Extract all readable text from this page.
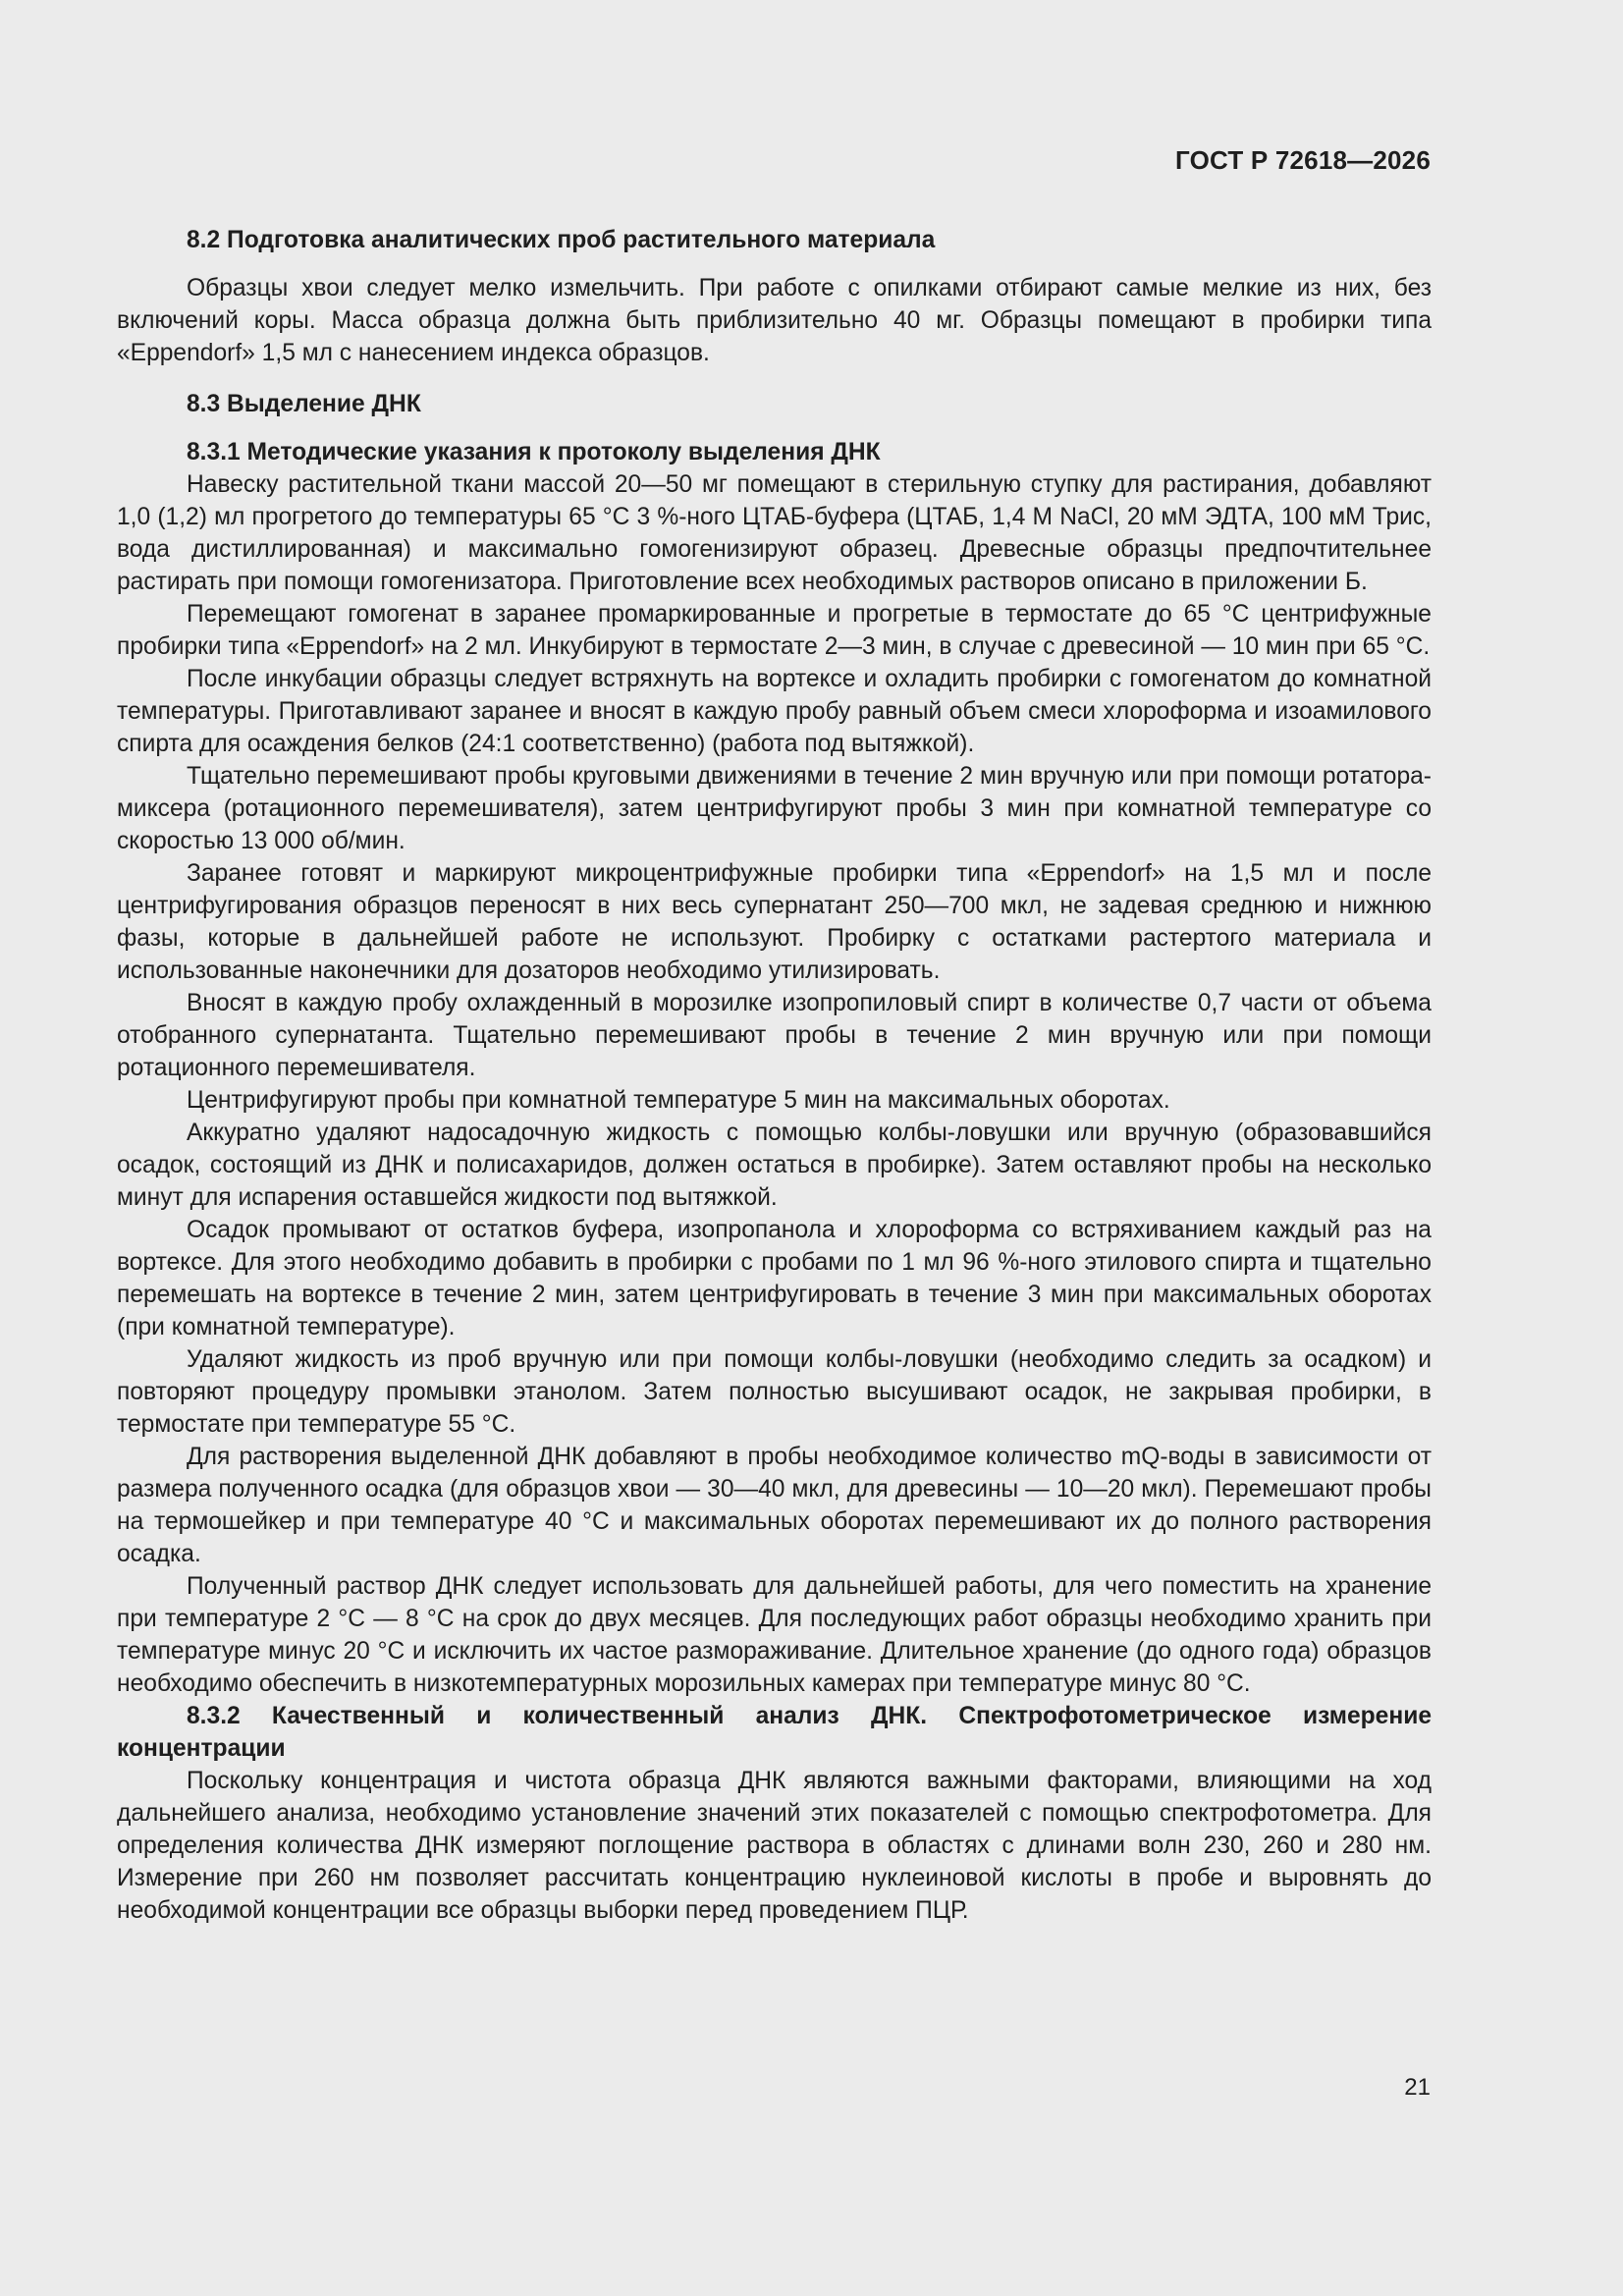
ГОСТ Р 72618—2026
8.2 Подготовка аналитических проб растительного материала

Образцы хвои следует мелко измельчить. При работе с опилками отбирают самые мелкие из них, без включений коры. Масса образца должна быть приблизительно 40 мг. Образцы помещают в пробирки типа «Eppendorf» 1,5 мл с нанесением индекса образцов.

8.3 Выделение ДНК
8.3.1 Методические указания к протоколу выделения ДНК

Навеску растительной ткани массой 20—50 мг помещают в стерильную ступку для растирания, добавляют 1,0 (1,2) мл прогретого до температуры 65 °С 3 %-ного ЦТАБ-буфера (ЦТАБ, 1,4 M NaCl, 20 мМ ЭДТА, 100 мМ Трис, вода дистиллированная) и максимально гомогенизируют образец. Древесные образцы предпочтительнее растирать при помощи гомогенизатора. Приготовление всех необходимых растворов описано в приложении Б.

Перемещают гомогенат в заранее промаркированные и прогретые в термостате до 65 °С центрифужные пробирки типа «Eppendorf» на 2 мл. Инкубируют в термостате 2—3 мин, в случае с древесиной — 10 мин при 65 °С.

После инкубации образцы следует встряхнуть на вортексе и охладить пробирки с гомогенатом до комнатной температуры. Приготавливают заранее и вносят в каждую пробу равный объем смеси хлороформа и изоамилового спирта для осаждения белков (24:1 соответственно) (работа под вытяжкой).

Тщательно перемешивают пробы круговыми движениями в течение 2 мин вручную или при помощи ротатора-миксера (ротационного перемешивателя), затем центрифугируют пробы 3 мин при комнатной температуре со скоростью 13 000 об/мин.

Заранее готовят и маркируют микроцентрифужные пробирки типа «Eppendorf» на 1,5 мл и после центрифугирования образцов переносят в них весь супернатант 250—700 мкл, не задевая среднюю и нижнюю фазы, которые в дальнейшей работе не используют. Пробирку с остатками растертого материала и использованные наконечники для дозаторов необходимо утилизировать.

Вносят в каждую пробу охлажденный в морозилке изопропиловый спирт в количестве 0,7 части от объема отобранного супернатанта. Тщательно перемешивают пробы в течение 2 мин вручную или при помощи ротационного перемешивателя.

Центрифугируют пробы при комнатной температуре 5 мин на максимальных оборотах.

Аккуратно удаляют надосадочную жидкость с помощью колбы-ловушки или вручную (образовавшийся осадок, состоящий из ДНК и полисахаридов, должен остаться в пробирке). Затем оставляют пробы на несколько минут для испарения оставшейся жидкости под вытяжкой.

Осадок промывают от остатков буфера, изопропанола и хлороформа со встряхиванием каждый раз на вортексе. Для этого необходимо добавить в пробирки с пробами по 1 мл 96 %-ного этилового спирта и тщательно перемешать на вортексе в течение 2 мин, затем центрифугировать в течение 3 мин при максимальных оборотах (при комнатной температуре).

Удаляют жидкость из проб вручную или при помощи колбы-ловушки (необходимо следить за осадком) и повторяют процедуру промывки этанолом. Затем полностью высушивают осадок, не закрывая пробирки, в термостате при температуре 55 °С.

Для растворения выделенной ДНК добавляют в пробы необходимое количество mQ-воды в зависимости от размера полученного осадка (для образцов хвои — 30—40 мкл, для древесины — 10—20 мкл). Перемешают пробы на термошейкер и при температуре 40 °С и максимальных оборотах перемешивают их до полного растворения осадка.

Полученный раствор ДНК следует использовать для дальнейшей работы, для чего поместить на хранение при температуре 2 °С — 8 °С на срок до двух месяцев. Для последующих работ образцы необходимо хранить при температуре минус 20 °С и исключить их частое размораживание. Длительное хранение (до одного года) образцов необходимо обеспечить в низкотемпературных морозильных камерах при температуре минус 80 °С.

8.3.2 Качественный и количественный анализ ДНК. Спектрофотометрическое измерение концентрации

Поскольку концентрация и чистота образца ДНК являются важными факторами, влияющими на ход дальнейшего анализа, необходимо установление значений этих показателей с помощью спектрофотометра. Для определения количества ДНК измеряют поглощение раствора в областях с длинами волн 230, 260 и 280 нм. Измерение при 260 нм позволяет рассчитать концентрацию нуклеиновой кислоты в пробе и выровнять до необходимой концентрации все образцы выборки перед проведением ПЦР.

21
